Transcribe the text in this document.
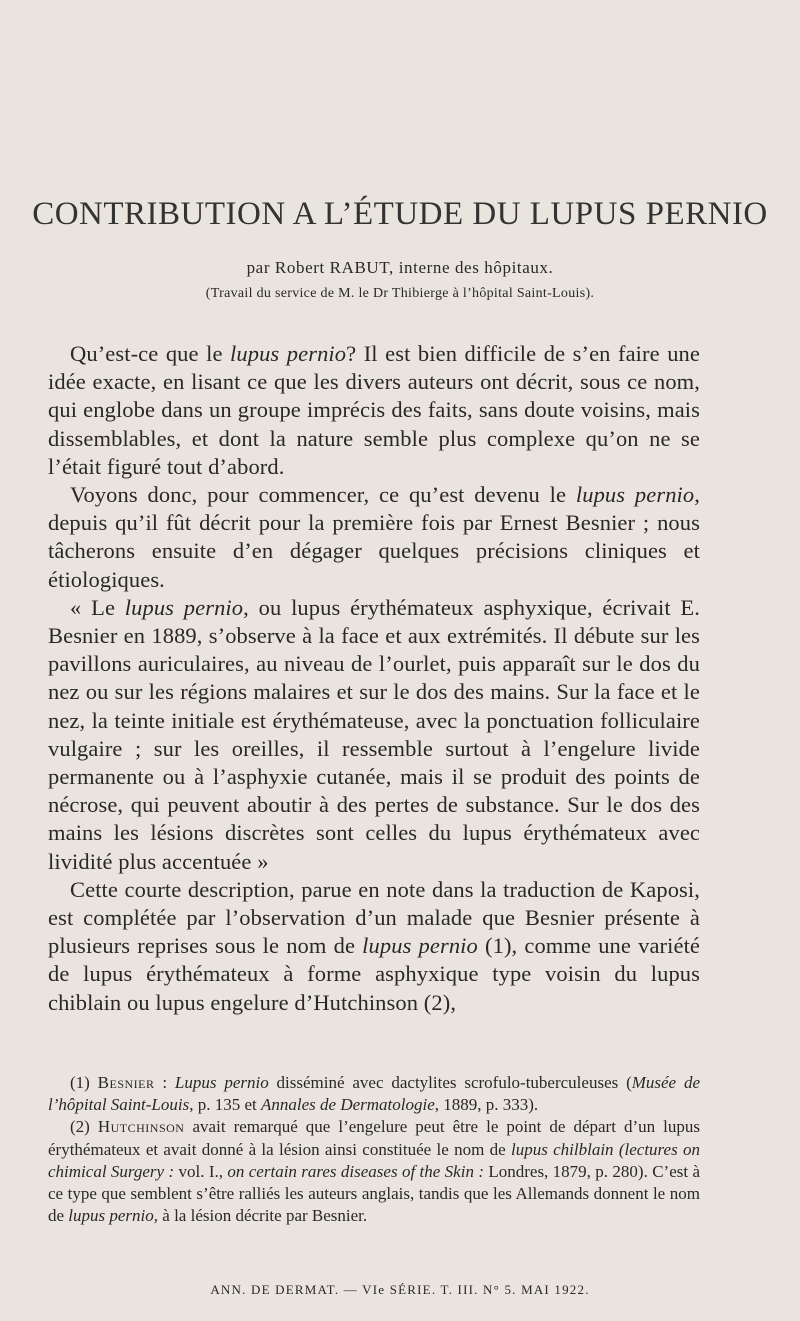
CONTRIBUTION A L’ÉTUDE DU LUPUS PERNIO
par Robert RABUT, interne des hôpitaux.
(Travail du service de M. le Dr Thibierge à l’hôpital Saint-Louis).

Qu’est-ce que le lupus pernio? Il est bien difficile de s’en faire une idée exacte, en lisant ce que les divers auteurs ont décrit, sous ce nom, qui englobe dans un groupe imprécis des faits, sans doute voisins, mais dissemblables, et dont la nature semble plus complexe qu’on ne se l’était figuré tout d’abord.

Voyons donc, pour commencer, ce qu’est devenu le lupus pernio, depuis qu’il fût décrit pour la première fois par Ernest Besnier ; nous tâcherons ensuite d’en dégager quelques précisions cliniques et étiologiques.

« Le lupus pernio, ou lupus érythémateux asphyxique, écrivait E. Besnier en 1889, s’observe à la face et aux extrémités. Il débute sur les pavillons auriculaires, au niveau de l’ourlet, puis apparaît sur le dos du nez ou sur les régions malaires et sur le dos des mains. Sur la face et le nez, la teinte initiale est érythémateuse, avec la ponctuation folliculaire vulgaire ; sur les oreilles, il ressemble surtout à l’engelure livide permanente ou à l’asphyxie cutanée, mais il se produit des points de nécrose, qui peuvent aboutir à des pertes de substance. Sur le dos des mains les lésions discrètes sont celles du lupus érythémateux avec lividité plus accentuée »

Cette courte description, parue en note dans la traduction de Kaposi, est complétée par l’observation d’un malade que Besnier présente à plusieurs reprises sous le nom de lupus pernio (1), comme une variété de lupus érythémateux à forme asphyxique type voisin du lupus chiblain ou lupus engelure d’Hutchinson (2),

(1) Besnier : Lupus pernio disséminé avec dactylites scrofulo-tuberculeuses (Musée de l’hôpital Saint-Louis, p. 135 et Annales de Dermatologie, 1889, p. 333).

(2) Hutchinson avait remarqué que l’engelure peut être le point de départ d’un lupus érythémateux et avait donné à la lésion ainsi constituée le nom de lupus chilblain (lectures on chimical Surgery : vol. I., on certain rares diseases of the Skin : Londres, 1879, p. 280). C’est à ce type que semblent s’être ralliés les auteurs anglais, tandis que les Allemands donnent le nom de lupus pernio, à la lésion décrite par Besnier.

ANN. DE DERMAT. — VIe SÉRIE. T. III. N° 5. MAI 1922.
